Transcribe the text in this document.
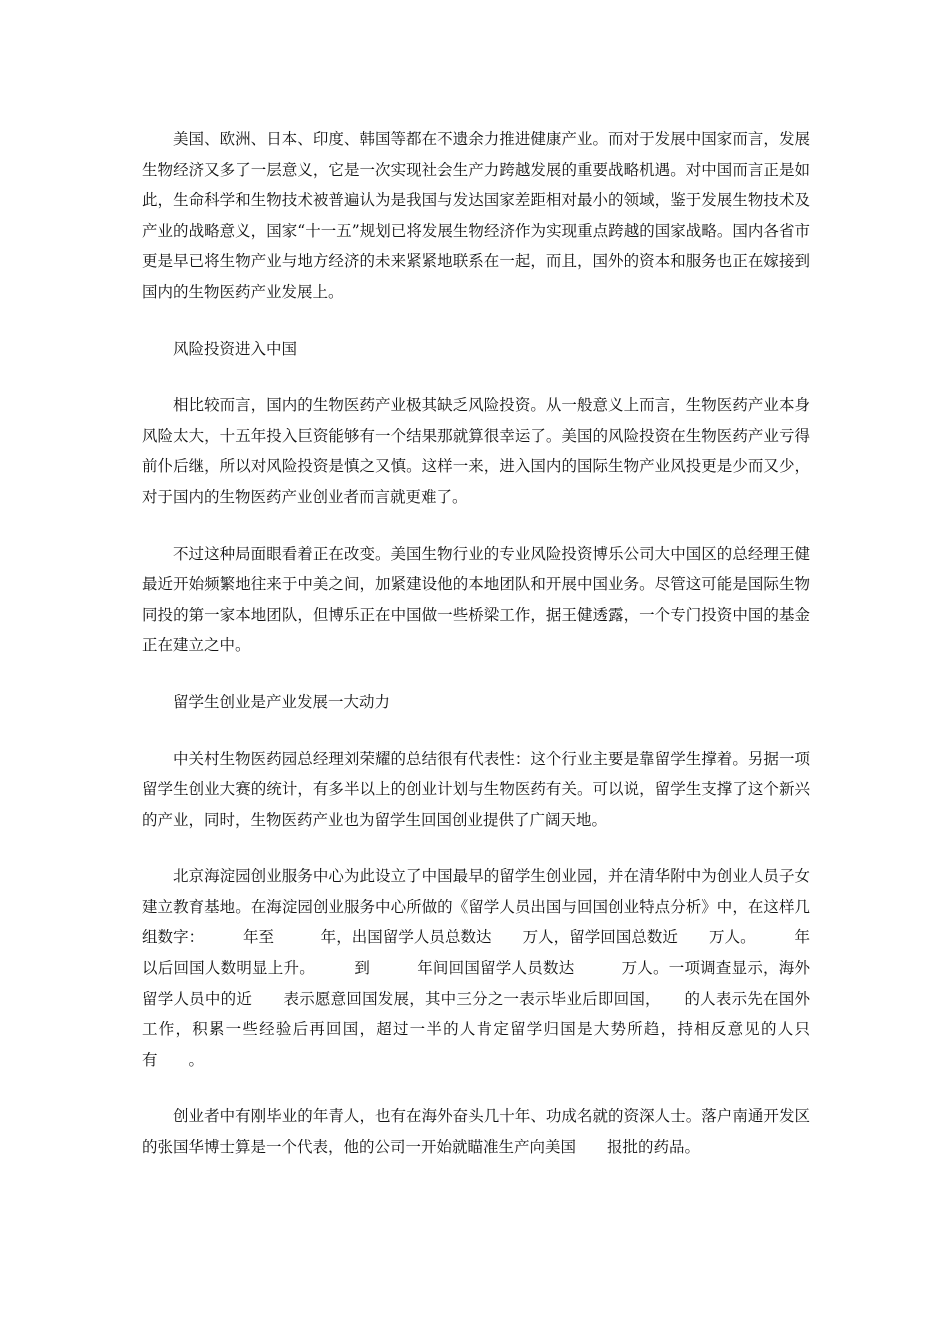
美国、欧洲、日本、印度、韩国等都在不遗余力推进健康产业。而对于发展中国家而言，发展生物经济又多了一层意义，它是一次实现社会生产力跨越发展的重要战略机遇。对中国而言正是如此，生命科学和生物技术被普遍认为是我国与发达国家差距相对最小的领域，鉴于发展生物技术及产业的战略意义，国家“十一五”规划已将发展生物经济作为实现重点跨越的国家战略。国内各省市更是早已将生物产业与地方经济的未来紧紧地联系在一起，而且，国外的资本和服务也正在嫁接到国内的生物医药产业发展上。

风险投资进入中国

相比较而言，国内的生物医药产业极其缺乏风险投资。从一般意义上而言，生物医药产业本身风险太大，十五年投入巨资能够有一个结果那就算很幸运了。美国的风险投资在生物医药产业亏得前仆后继，所以对风险投资是慎之又慎。这样一来，进入国内的国际生物产业风投更是少而又少，对于国内的生物医药产业创业者而言就更难了。

不过这种局面眼看着正在改变。美国生物行业的专业风险投资博乐公司大中国区的总经理王健最近开始频繁地往来于中美之间，加紧建设他的本地团队和开展中国业务。尽管这可能是国际生物同投的第一家本地团队，但博乐正在中国做一些桥梁工作，据王健透露，一个专门投资中国的基金正在建立之中。

留学生创业是产业发展一大动力

中关村生物医药园总经理刘荣耀的总结很有代表性：这个行业主要是靠留学生撑着。另据一项留学生创业大赛的统计，有多半以上的创业计划与生物医药有关。可以说，留学生支撑了这个新兴的产业，同时，生物医药产业也为留学生回国创业提供了广阔天地。

北京海淀园创业服务中心为此设立了中国最早的留学生创业园，并在清华附中为创业人员子女建立教育基地。在海淀园创业服务中心所做的《留学人员出国与回国创业特点分析》中，在这样几组数字：　　　年至　　　年，出国留学人员总数达　　万人，留学回国总数近　　万人。　　　年以后回国人数明显上升。　　　到　　　年间回国留学人员数达　　　万人。一项调查显示，海外留学人员中的近　　表示愿意回国发展，其中三分之一表示毕业后即回国，　　的人表示先在国外工作，积累一些经验后再回国，超过一半的人肯定留学归国是大势所趋，持相反意见的人只有　　。

创业者中有刚毕业的年青人，也有在海外奋头几十年、功成名就的资深人士。落户南通开发区的张国华博士算是一个代表，他的公司一开始就瞄准生产向美国　　报批的药品。
